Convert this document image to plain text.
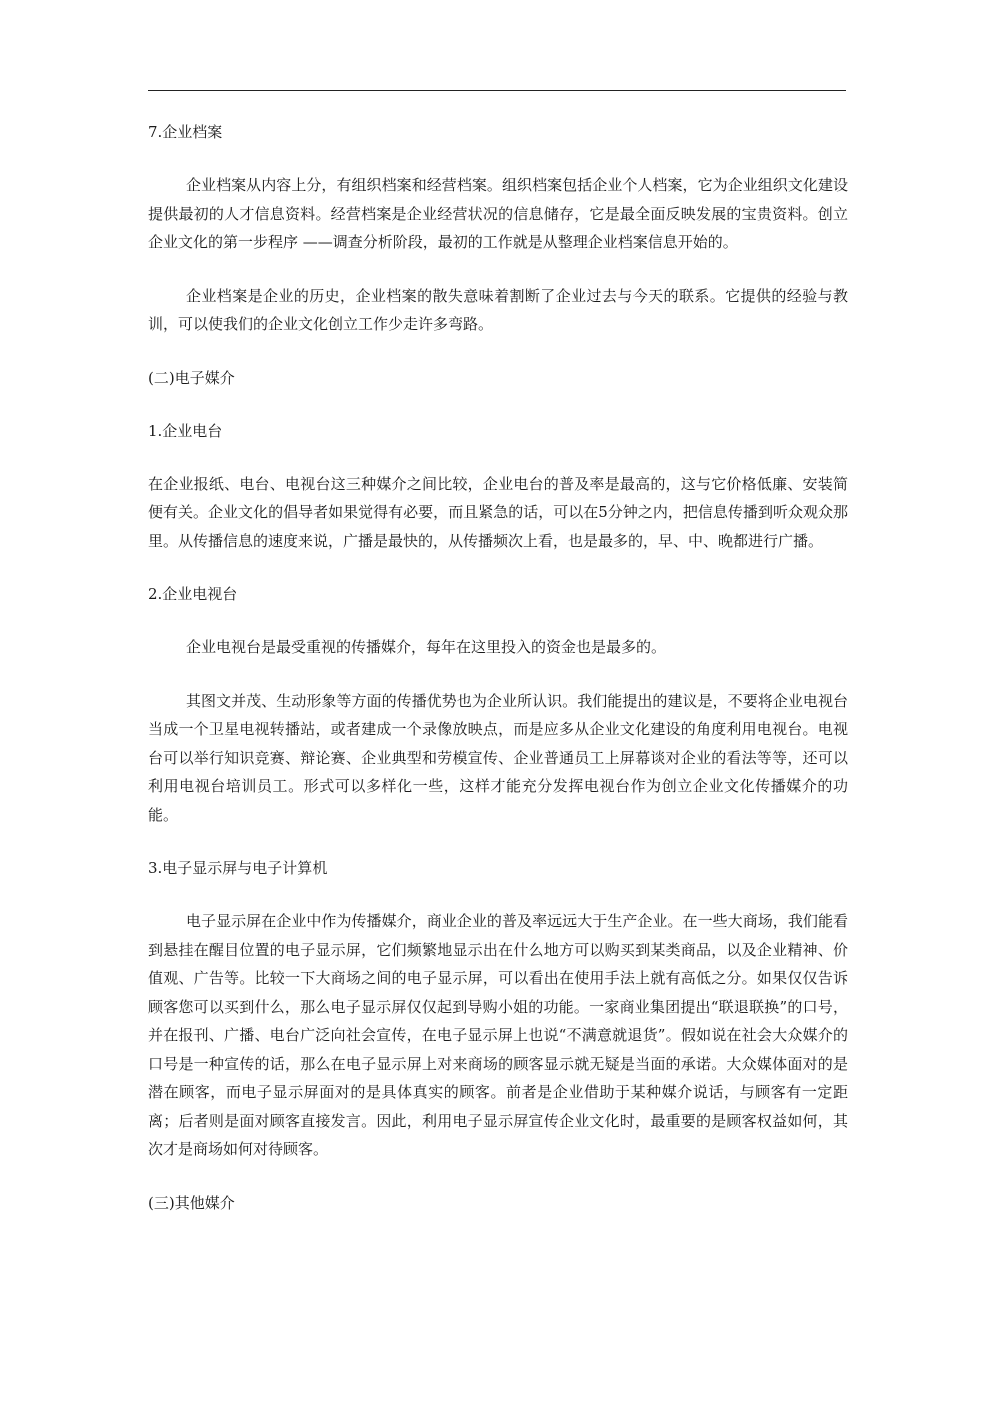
7.企业档案

企业档案从内容上分，有组织档案和经营档案。组织档案包括企业个人档案，它为企业组织文化建设提供最初的人才信息资料。经营档案是企业经营状况的信息储存，它是最全面反映发展的宝贵资料。创立企业文化的第一步程序 ——调查分析阶段，最初的工作就是从整理企业档案信息开始的。

企业档案是企业的历史，企业档案的散失意味着割断了企业过去与今天的联系。它提供的经验与教训，可以使我们的企业文化创立工作少走许多弯路。

(二)电子媒介
1.企业电台

在企业报纸、电台、电视台这三种媒介之间比较，企业电台的普及率是最高的，这与它价格低廉、安装简便有关。企业文化的倡导者如果觉得有必要，而且紧急的话，可以在5分钟之内，把信息传播到听众观众那里。从传播信息的速度来说，广播是最快的，从传播频次上看，也是最多的，早、中、晚都进行广播。

2.企业电视台

企业电视台是最受重视的传播媒介，每年在这里投入的资金也是最多的。

其图文并茂、生动形象等方面的传播优势也为企业所认识。我们能提出的建议是，不要将企业电视台当成一个卫星电视转播站，或者建成一个录像放映点，而是应多从企业文化建设的角度利用电视台。电视台可以举行知识竞赛、辩论赛、企业典型和劳模宣传、企业普通员工上屏幕谈对企业的看法等等，还可以利用电视台培训员工。形式可以多样化一些，这样才能充分发挥电视台作为创立企业文化传播媒介的功能。

3.电子显示屏与电子计算机

电子显示屏在企业中作为传播媒介，商业企业的普及率远远大于生产企业。在一些大商场，我们能看到悬挂在醒目位置的电子显示屏，它们频繁地显示出在什么地方可以购买到某类商品，以及企业精神、价值观、广告等。比较一下大商场之间的电子显示屏，可以看出在使用手法上就有高低之分。如果仅仅告诉顾客您可以买到什么，那么电子显示屏仅仅起到导购小姐的功能。一家商业集团提出“联退联换”的口号，并在报刊、广播、电台广泛向社会宣传，在电子显示屏上也说“不满意就退货”。假如说在社会大众媒介的口号是一种宣传的话，那么在电子显示屏上对来商场的顾客显示就无疑是当面的承诺。大众媒体面对的是潜在顾客，而电子显示屏面对的是具体真实的顾客。前者是企业借助于某种媒介说话，与顾客有一定距离；后者则是面对顾客直接发言。因此，利用电子显示屏宣传企业文化时，最重要的是顾客权益如何，其次才是商场如何对待顾客。

(三)其他媒介
